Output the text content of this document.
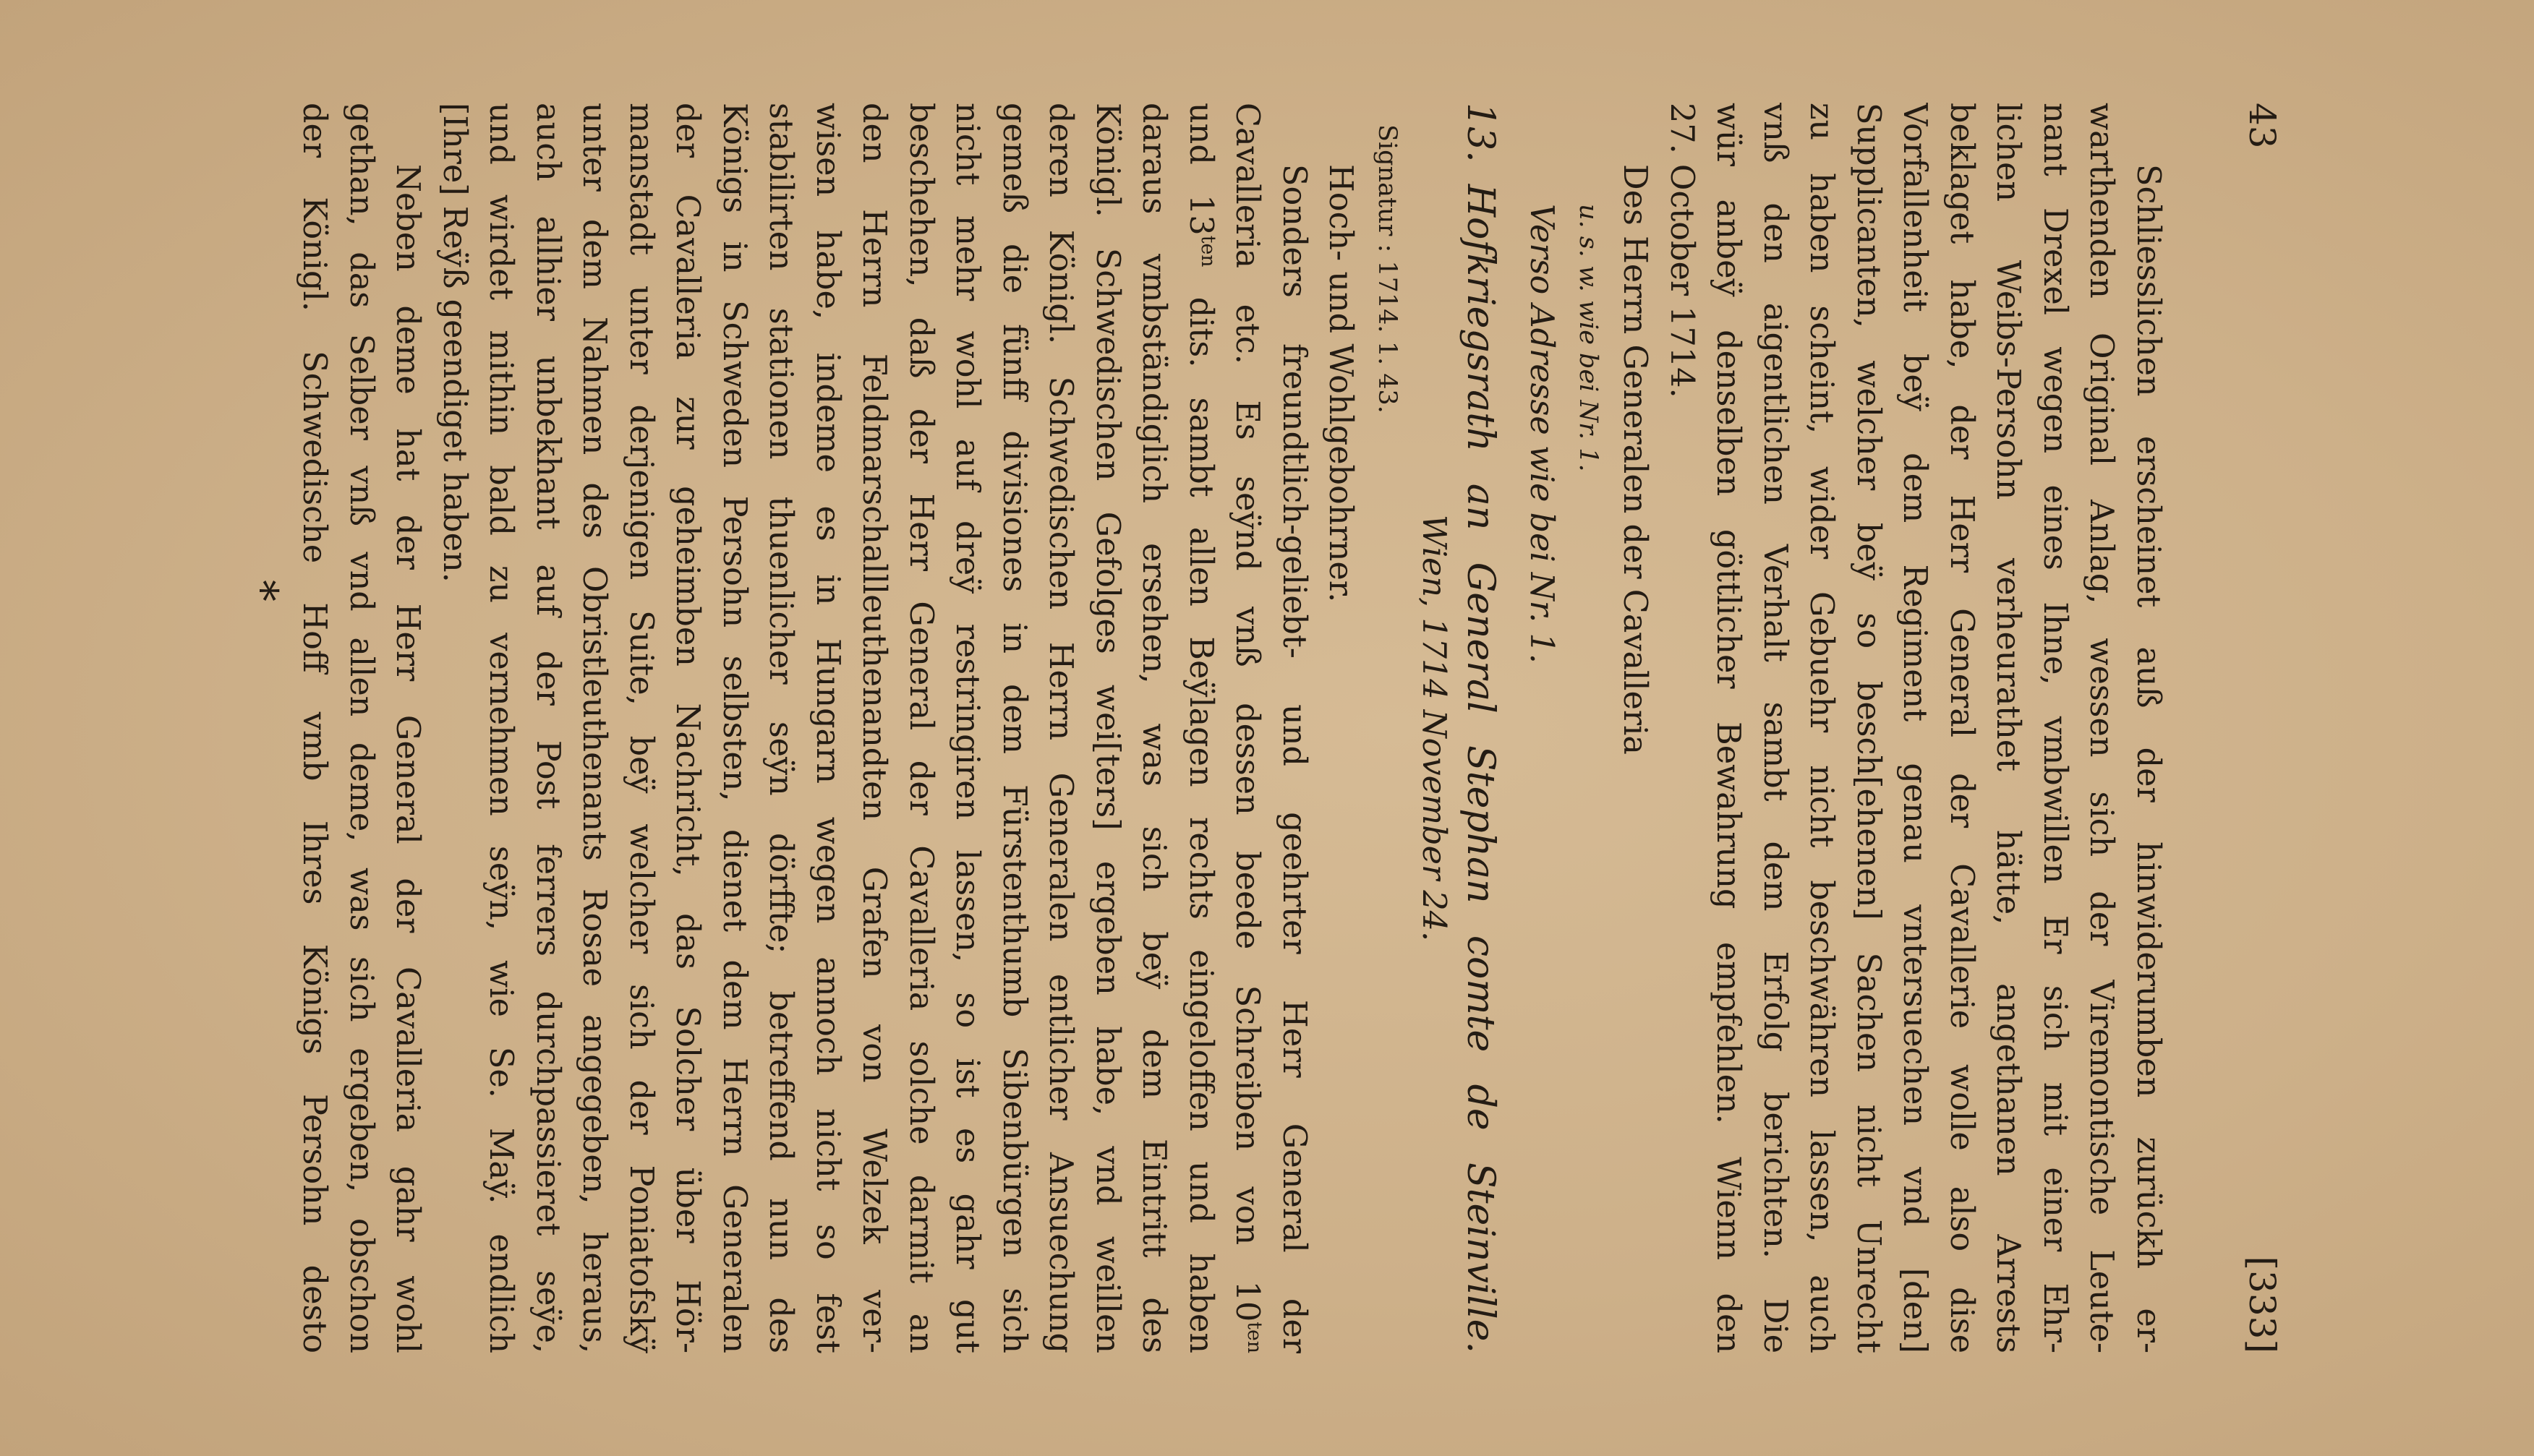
43
[333]
Schliesslichen erscheinet auß der hinwiderumben zurückh er-
warthenden Original Anlag, wessen sich der Viremontische Leute-
nant Drexel wegen eines Ihne, vmbwillen Er sich mit einer Ehr-
lichen Weibs-Persohn verheurathet hätte, angethanen Arrests
beklaget habe, der Herr General der Cavallerie wolle also dise
Vorfallenheit beÿ dem Regiment genau vntersuechen vnd [den]
Supplicanten, welcher beÿ so besch[ehenen] Sachen nicht Unrecht
zu haben scheint, wider Gebuehr nicht beschwähren lassen, auch
vnß den aigentlichen Verhalt sambt dem Erfolg berichten. Die
wür anbeÿ denselben göttlicher Bewahrung empfehlen. Wienn den
27. October 1714.
Des Herrn Generalen der Cavalleria
u. s. w. wie bei Nr. 1.
Verso Adresse wie bei Nr. 1.
13.Hofkriegsrath an General Stephan comte de Steinville.
Wien, 1714 November 24.
Signatur : 1714. 1. 43.
Hoch- und Wohlgebohrner.
Sonders freundtlich-geliebt- und geehrter Herr General der
Cavalleria etc. Es seÿnd vnß dessen beede Schreiben von $10^{ten}$
und $13^{ten}$ dits. sambt allen Beÿlagen rechts eingeloffen und haben
daraus vmbständiglich ersehen, was sich beÿ dem Eintritt des
Königl. Schwedischen Gefolges wei[ters] ergeben habe, vnd weillen
deren Königl. Schwedischen Herrn Generalen entlicher Ansuechung
gemeß die fünff divisiones in dem Fürstenthumb Sibenbürgen sich
nicht mehr wohl auf dreÿ restringiren lassen, so ist es gahr gut
beschehen, daß der Herr General der Cavalleria solche darmit an
den Herrn Feldmarschallleuthenandten Grafen von Welzek ver-
wisen habe, indeme es in Hungarn wegen annoch nicht so fest
stabilirten stationen thuenlicher seÿn dörffte; betreffend nun des
Königs in Schweden Persohn selbsten, dienet dem Herrn Generalen
der Cavalleria zur geheimben Nachricht, das Solcher über Hör-
manstadt unter derjenigen Suite, beÿ welcher sich der Poniatofskÿ
unter dem Nahmen des Obristleuthenants Rosae angegeben, heraus,
auch allhier unbekhant auf der Post ferrers durchpassieret seÿe,
und wirdet mithin bald zu vernehmen seÿn, wie Se. Maÿ. endlich
[Ihre] Reÿß geendiget haben.
Neben deme hat der Herr General der Cavalleria gahr wohl
gethan, das Selber vnß vnd allen deme, was sich ergeben, obschon
der Königl. Schwedische Hoff vmb Ihres Königs Persohn desto
*
